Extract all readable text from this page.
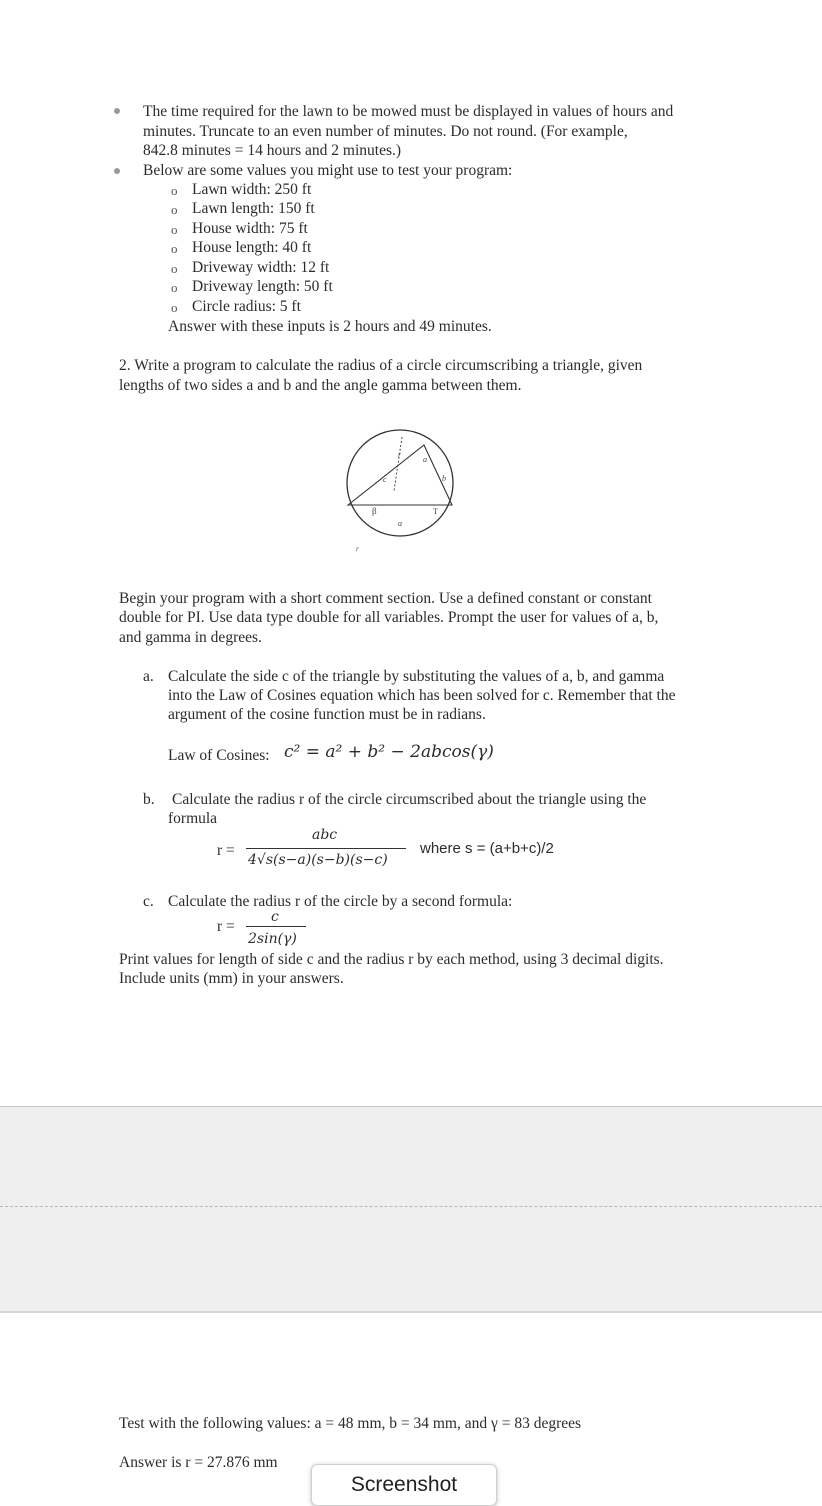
The time required for the lawn to be mowed must be displayed in values of hours and
minutes. Truncate to an even number of minutes. Do not round. (For example,
842.8 minutes = 14 hours and 2 minutes.)
Below are some values you might use to test your program:
o Lawn width: 250 ft
o Lawn length: 150 ft
o House width: 75 ft
o House length: 40 ft
o Driveway width: 12 ft
o Driveway length: 50 ft
o Circle radius: 5 ft
Answer with these inputs is 2 hours and 49 minutes.
2. Write a program to calculate the radius of a circle circumscribing a triangle, given
lengths of two sides a and b and the angle gamma between them.
r
a
b
c
β	T
a
r
Begin your program with a short comment section. Use a defined constant or constant
double for PI. Use data type double for all variables. Prompt the user for values of a, b,
and gamma in degrees.
a. Calculate the side c of the triangle by substituting the values of a, b, and gamma
into the Law of Cosines equation which has been solved for c. Remember that the
argument of the cosine function must be in radians.
Law of Cosines: c² = a² + b² − 2abcos(γ)
b. Calculate the radius r of the circle circumscribed about the triangle using the
formula
r =
abc
4√s(s−a)(s−b)(s−c)
where s = (a+b+c)/2
c. Calculate the radius r of the circle by a second formula:
r =
c
2sin(γ)
Print values for length of side c and the radius r by each method, using 3 decimal digits.
Include units (mm) in your answers.
Test with the following values: a = 48 mm, b = 34 mm, and γ = 83 degrees
Answer is r = 27.876 mm
Screenshot
